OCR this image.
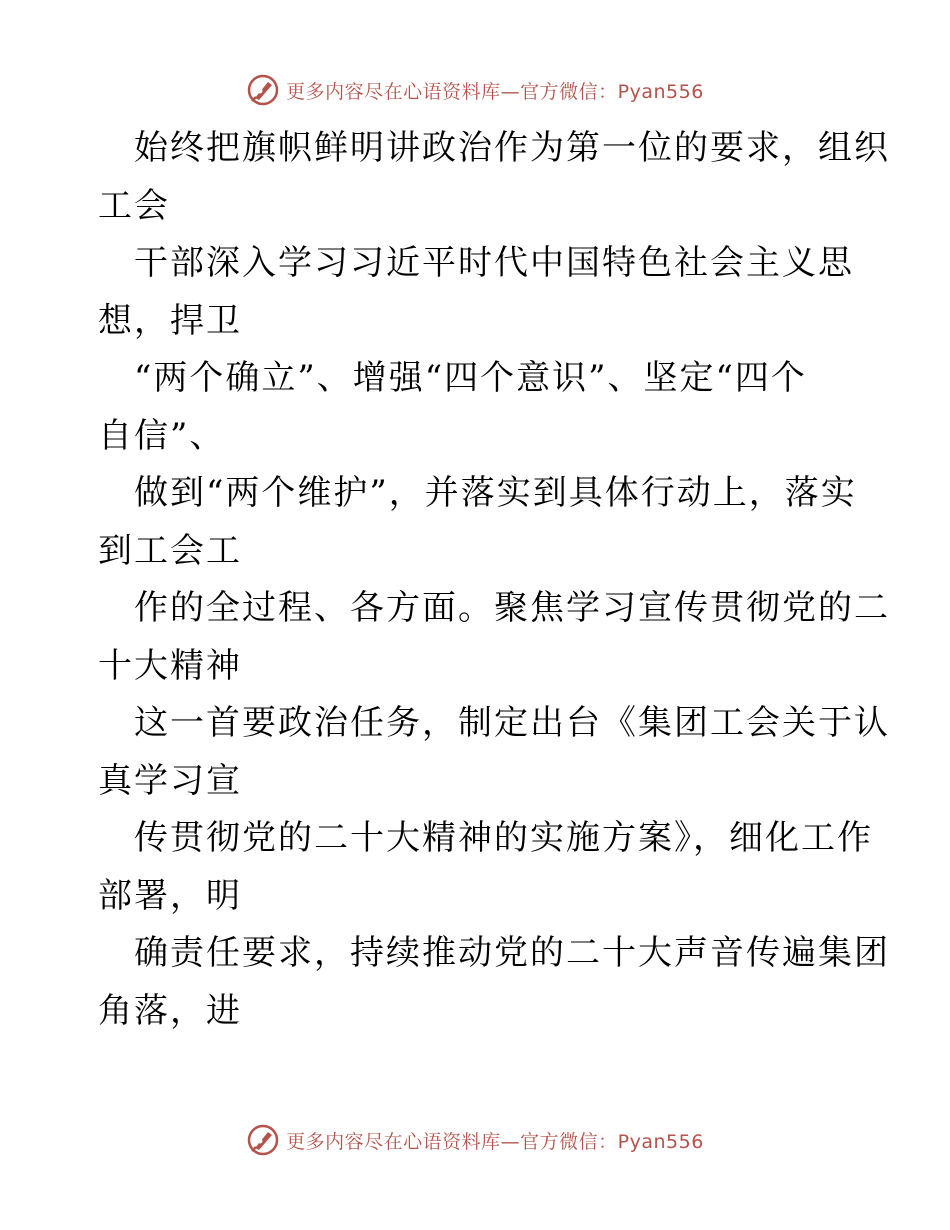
更多内容尽在心语资料库—官方微信：Pyan556
始终把旗帜鲜明讲政治作为第一位的要求，组织
工会
干部深入学习习近平时代中国特色社会主义思
想，捍卫
“两个确立”、增强“四个意识”、坚定“四个
自信”、
做到“两个维护”，并落实到具体行动上，落实
到工会工
作的全过程、各方面。聚焦学习宣传贯彻党的二
十大精神
这一首要政治任务，制定出台《集团工会关于认
真学习宣
传贯彻党的二十大精神的实施方案》，细化工作
部署，明
确责任要求，持续推动党的二十大声音传遍集团
角落，进
更多内容尽在心语资料库—官方微信：Pyan556
